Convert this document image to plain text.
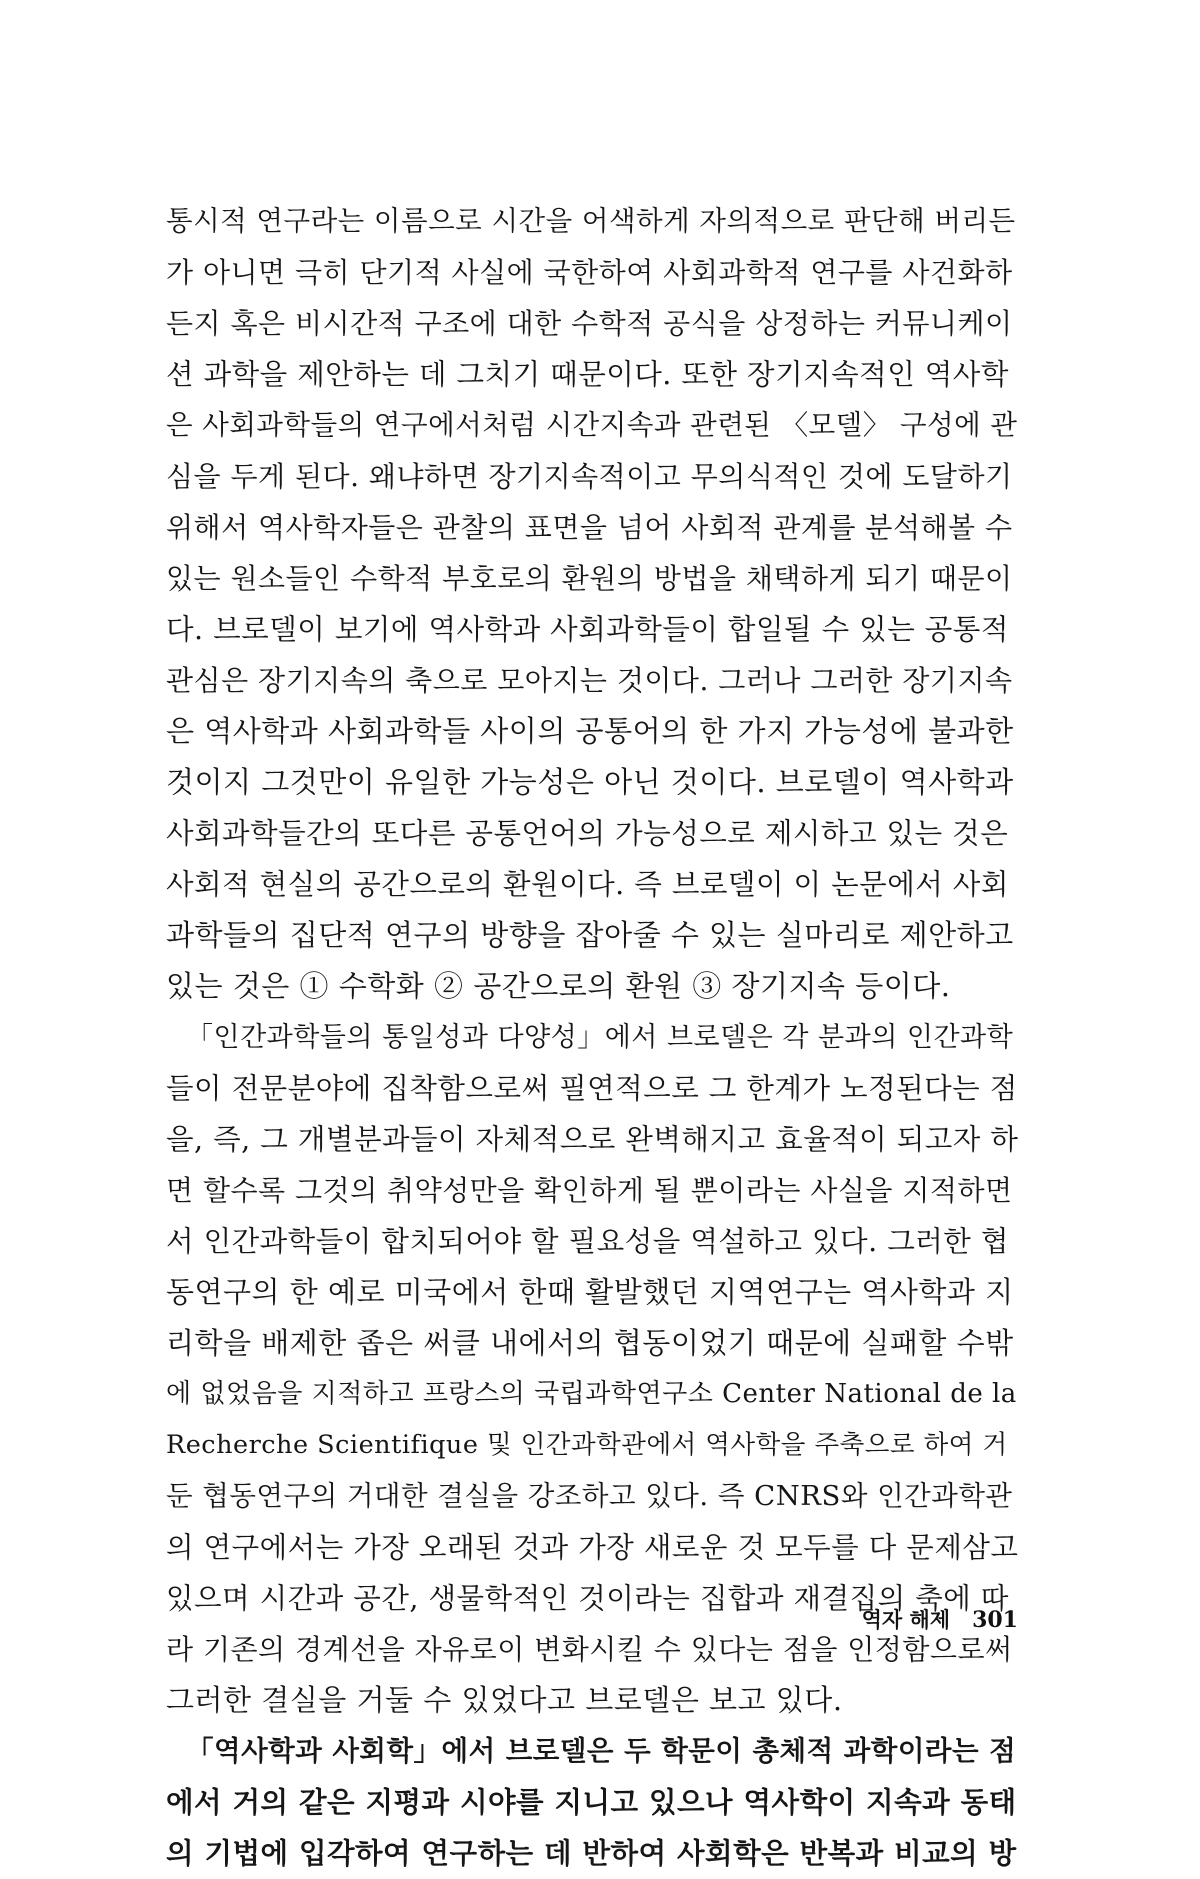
통시적 연구라는 이름으로 시간을 어색하게 자의적으로 판단해 버리든
가 아니면 극히 단기적 사실에 국한하여 사회과학적 연구를 사건화하
든지 혹은 비시간적 구조에 대한 수학적 공식을 상정하는 커뮤니케이
션 과학을 제안하는 데 그치기 때문이다. 또한 장기지속적인 역사학
은 사회과학들의 연구에서처럼 시간지속과 관련된 〈모델〉 구성에 관
심을 두게 된다. 왜냐하면 장기지속적이고 무의식적인 것에 도달하기
위해서 역사학자들은 관찰의 표면을 넘어 사회적 관계를 분석해볼 수
있는 원소들인 수학적 부호로의 환원의 방법을 채택하게 되기 때문이
다. 브로델이 보기에 역사학과 사회과학들이 합일될 수 있는 공통적
관심은 장기지속의 축으로 모아지는 것이다. 그러나 그러한 장기지속
은 역사학과 사회과학들 사이의 공통어의 한 가지 가능성에 불과한
것이지 그것만이 유일한 가능성은 아닌 것이다. 브로델이 역사학과
사회과학들간의 또다른 공통언어의 가능성으로 제시하고 있는 것은
사회적 현실의 공간으로의 환원이다. 즉 브로델이 이 논문에서 사회
과학들의 집단적 연구의 방향을 잡아줄 수 있는 실마리로 제안하고
있는 것은 ① 수학화 ② 공간으로의 환원 ③ 장기지속 등이다.
「인간과학들의 통일성과 다양성」에서 브로델은 각 분과의 인간과학
들이 전문분야에 집착함으로써 필연적으로 그 한계가 노정된다는 점
을, 즉, 그 개별분과들이 자체적으로 완벽해지고 효율적이 되고자 하
면 할수록 그것의 취약성만을 확인하게 될 뿐이라는 사실을 지적하면
서 인간과학들이 합치되어야 할 필요성을 역설하고 있다. 그러한 협
동연구의 한 예로 미국에서 한때 활발했던 지역연구는 역사학과 지
리학을 배제한 좁은 써클 내에서의 협동이었기 때문에 실패할 수밖
에 없었음을 지적하고 프랑스의 국립과학연구소 Center National de la
Recherche Scientifique 및 인간과학관에서 역사학을 주축으로 하여 거
둔 협동연구의 거대한 결실을 강조하고 있다. 즉 CNRS와 인간과학관
의 연구에서는 가장 오래된 것과 가장 새로운 것 모두를 다 문제삼고
있으며 시간과 공간, 생물학적인 것이라는 집합과 재결집의 축에 따
라 기존의 경계선을 자유로이 변화시킬 수 있다는 점을 인정함으로써
그러한 결실을 거둘 수 있었다고 브로델은 보고 있다.
「역사학과 사회학」에서 브로델은 두 학문이 총체적 과학이라는 점
에서 거의 같은 지평과 시야를 지니고 있으나 역사학이 지속과 동태
의 기법에 입각하여 연구하는 데 반하여 사회학은 반복과 비교의 방
역자 해제 301
